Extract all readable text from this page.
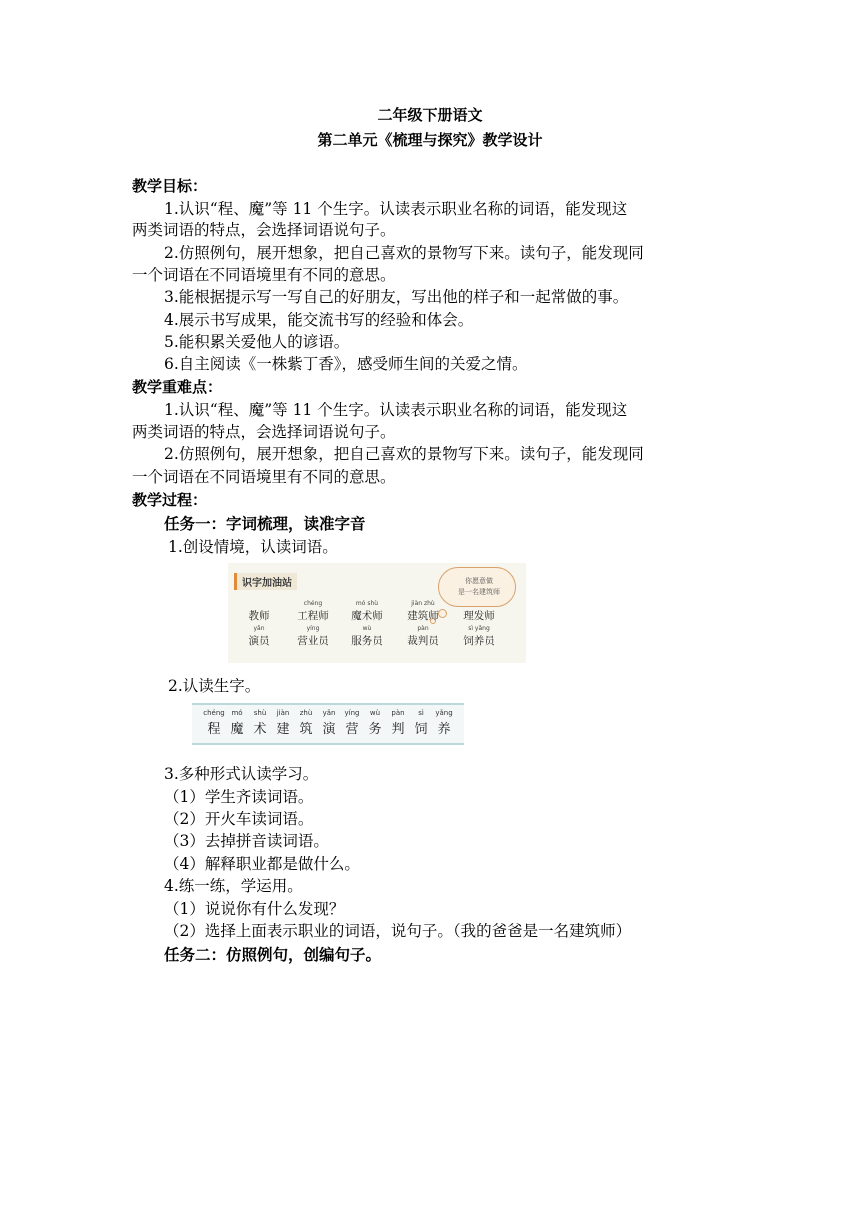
二年级下册语文
第二单元《梳理与探究》教学设计
教学目标：
1.认识“程、魔”等 11 个生字。认读表示职业名称的词语，能发现这
两类词语的特点，会选择词语说句子。
2.仿照例句，展开想象，把自己喜欢的景物写下来。读句子，能发现同
一个词语在不同语境里有不同的意思。
3.能根据提示写一写自己的好朋友，写出他的样子和一起常做的事。
4.展示书写成果，能交流书写的经验和体会。
5.能积累关爱他人的谚语。
6.自主阅读《一株紫丁香》，感受师生间的关爱之情。
教学重难点：
1.认识“程、魔”等 11 个生字。认读表示职业名称的词语，能发现这
两类词语的特点，会选择词语说句子。
2.仿照例句，展开想象，把自己喜欢的景物写下来。读句子，能发现同
一个词语在不同语境里有不同的意思。
教学过程：
任务一：字词梳理，读准字音
1.创设情境，认读词语。
识字加油站	你愿意做
是一名建筑师
教师
chéng
工程师
mó shù
魔术师
jiàn zhù
建筑师	理发师
yǎn
演员
yíng
营业员
wù
服务员
pàn
裁判员
sì yǎng
饲养员
2.认读生字。
chéng
程
mó
魔
shù
术
jiàn
建
zhù
筑
yǎn
演
yíng
营
wù
务
pàn
判
sì
饲
yǎng
养
3.多种形式认读学习。
（1）学生齐读词语。
（2）开火车读词语。
（3）去掉拼音读词语。
（4）解释职业都是做什么。
4.练一练，学运用。
（1）说说你有什么发现？
（2）选择上面表示职业的词语，说句子。（我的爸爸是一名建筑师）
任务二：仿照例句，创编句子。
